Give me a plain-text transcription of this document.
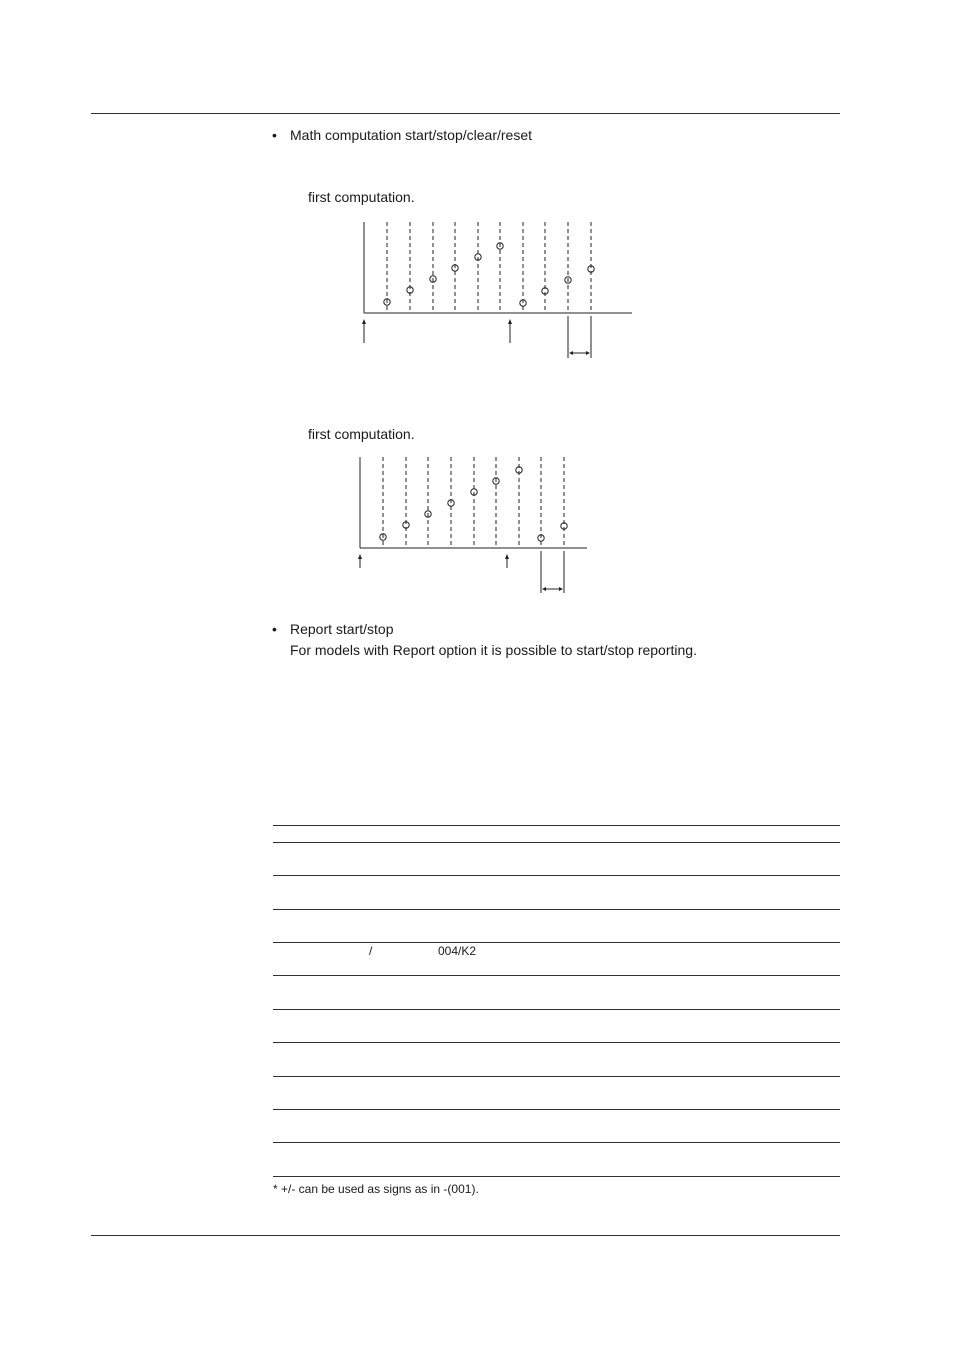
• Math computation start/stop/clear/reset
first computation.
first computation.
• Report start/stop
For models with Report option it is possible to start/stop reporting.
/	004/K2
* +/- can be used as signs as in -(001).
